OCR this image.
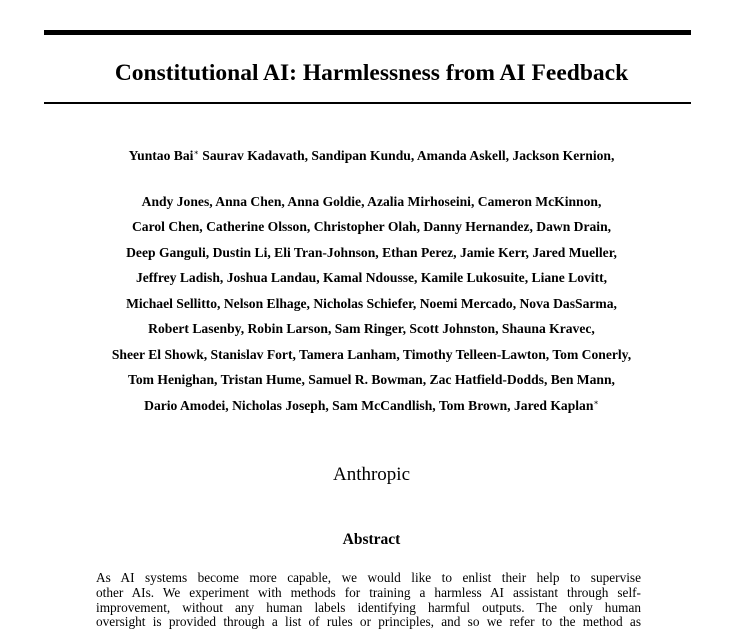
Constitutional AI: Harmlessness from AI Feedback
Yuntao Bai∗ Saurav Kadavath, Sandipan Kundu, Amanda Askell, Jackson Kernion,
Andy Jones, Anna Chen, Anna Goldie, Azalia Mirhoseini, Cameron McKinnon,
Carol Chen, Catherine Olsson, Christopher Olah, Danny Hernandez, Dawn Drain,
Deep Ganguli, Dustin Li, Eli Tran-Johnson, Ethan Perez, Jamie Kerr, Jared Mueller,
Jeffrey Ladish, Joshua Landau, Kamal Ndousse, Kamile Lukosuite, Liane Lovitt,
Michael Sellitto, Nelson Elhage, Nicholas Schiefer, Noemi Mercado, Nova DasSarma,
Robert Lasenby, Robin Larson, Sam Ringer, Scott Johnston, Shauna Kravec,
Sheer El Showk, Stanislav Fort, Tamera Lanham, Timothy Telleen-Lawton, Tom Conerly,
Tom Henighan, Tristan Hume, Samuel R. Bowman, Zac Hatfield-Dodds, Ben Mann,
Dario Amodei, Nicholas Joseph, Sam McCandlish, Tom Brown, Jared Kaplan∗
Anthropic
Abstract
As AI systems become more capable, we would like to enlist their help to supervise
other AIs. We experiment with methods for training a harmless AI assistant through self-
improvement, without any human labels identifying harmful outputs. The only human
oversight is provided through a list of rules or principles, and so we refer to the method as
